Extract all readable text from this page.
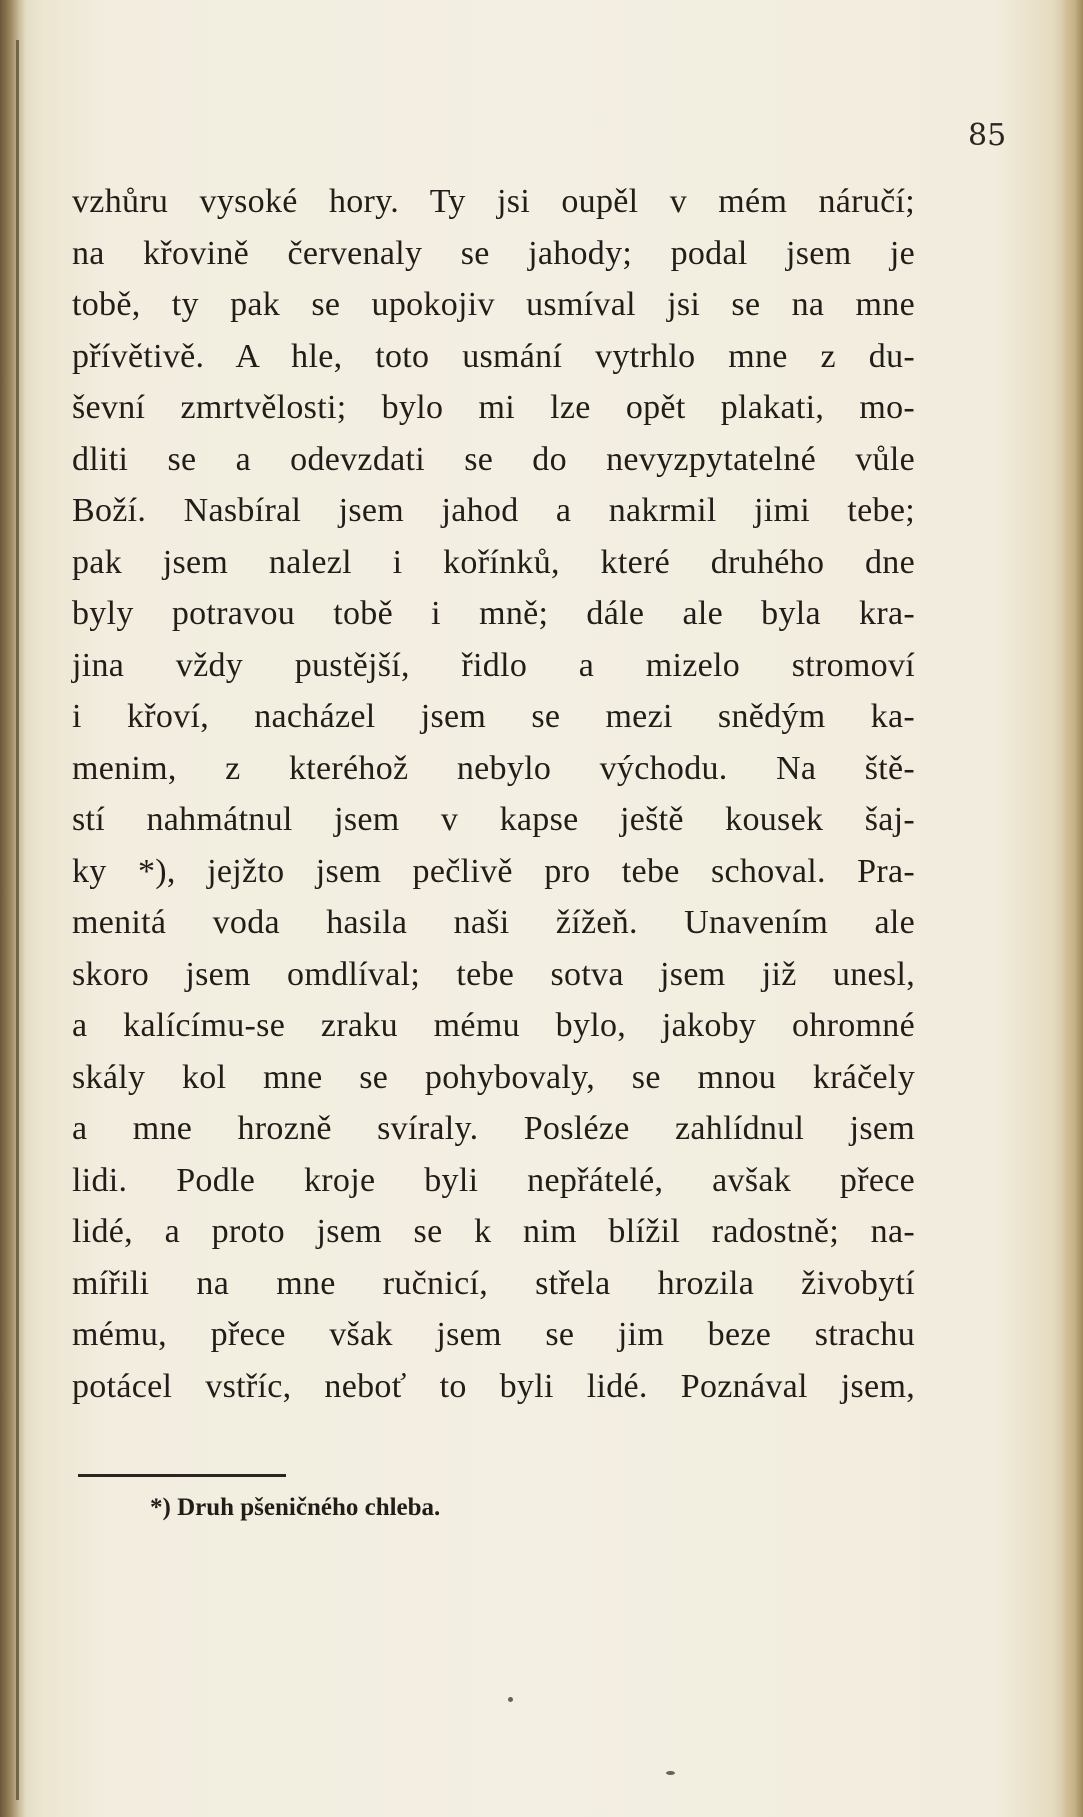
85
vzhůru vysoké hory. Ty jsi oupěl v mém náručí;
na křovině červenaly se jahody; podal jsem je
tobě, ty pak se upokojiv usmíval jsi se na mne
přívětivě. A hle, toto usmání vytrhlo mne z du-
ševní zmrtvělosti; bylo mi lze opět plakati, mo-
dliti se a odevzdati se do nevyzpytatelné vůle
Boží. Nasbíral jsem jahod a nakrmil jimi tebe;
pak jsem nalezl i kořínků, které druhého dne
byly potravou tobě i mně; dále ale byla kra-
jina vždy pustější, řidlo a mizelo stromoví
i křoví, nacházel jsem se mezi snědým ka-
menim, z kteréhož nebylo východu. Na ště-
stí nahmátnul jsem v kapse ještě kousek šaj-
ky *), jejžto jsem pečlivě pro tebe schoval. Pra-
menitá voda hasila naši žížeň. Unavením ale
skoro jsem omdlíval; tebe sotva jsem již unesl,
a kalícímu-se zraku mému bylo, jakoby ohromné
skály kol mne se pohybovaly, se mnou kráčely
a mne hrozně svíraly. Posléze zahlídnul jsem
lidi. Podle kroje byli nepřátelé, avšak přece
lidé, a proto jsem se k nim blížil radostně; na-
mířili na mne ručnicí, střela hrozila živobytí
mému, přece však jsem se jim beze strachu
potácel vstříc, neboť to byli lidé. Poznával jsem,
*) Druh pšeničného chleba.
